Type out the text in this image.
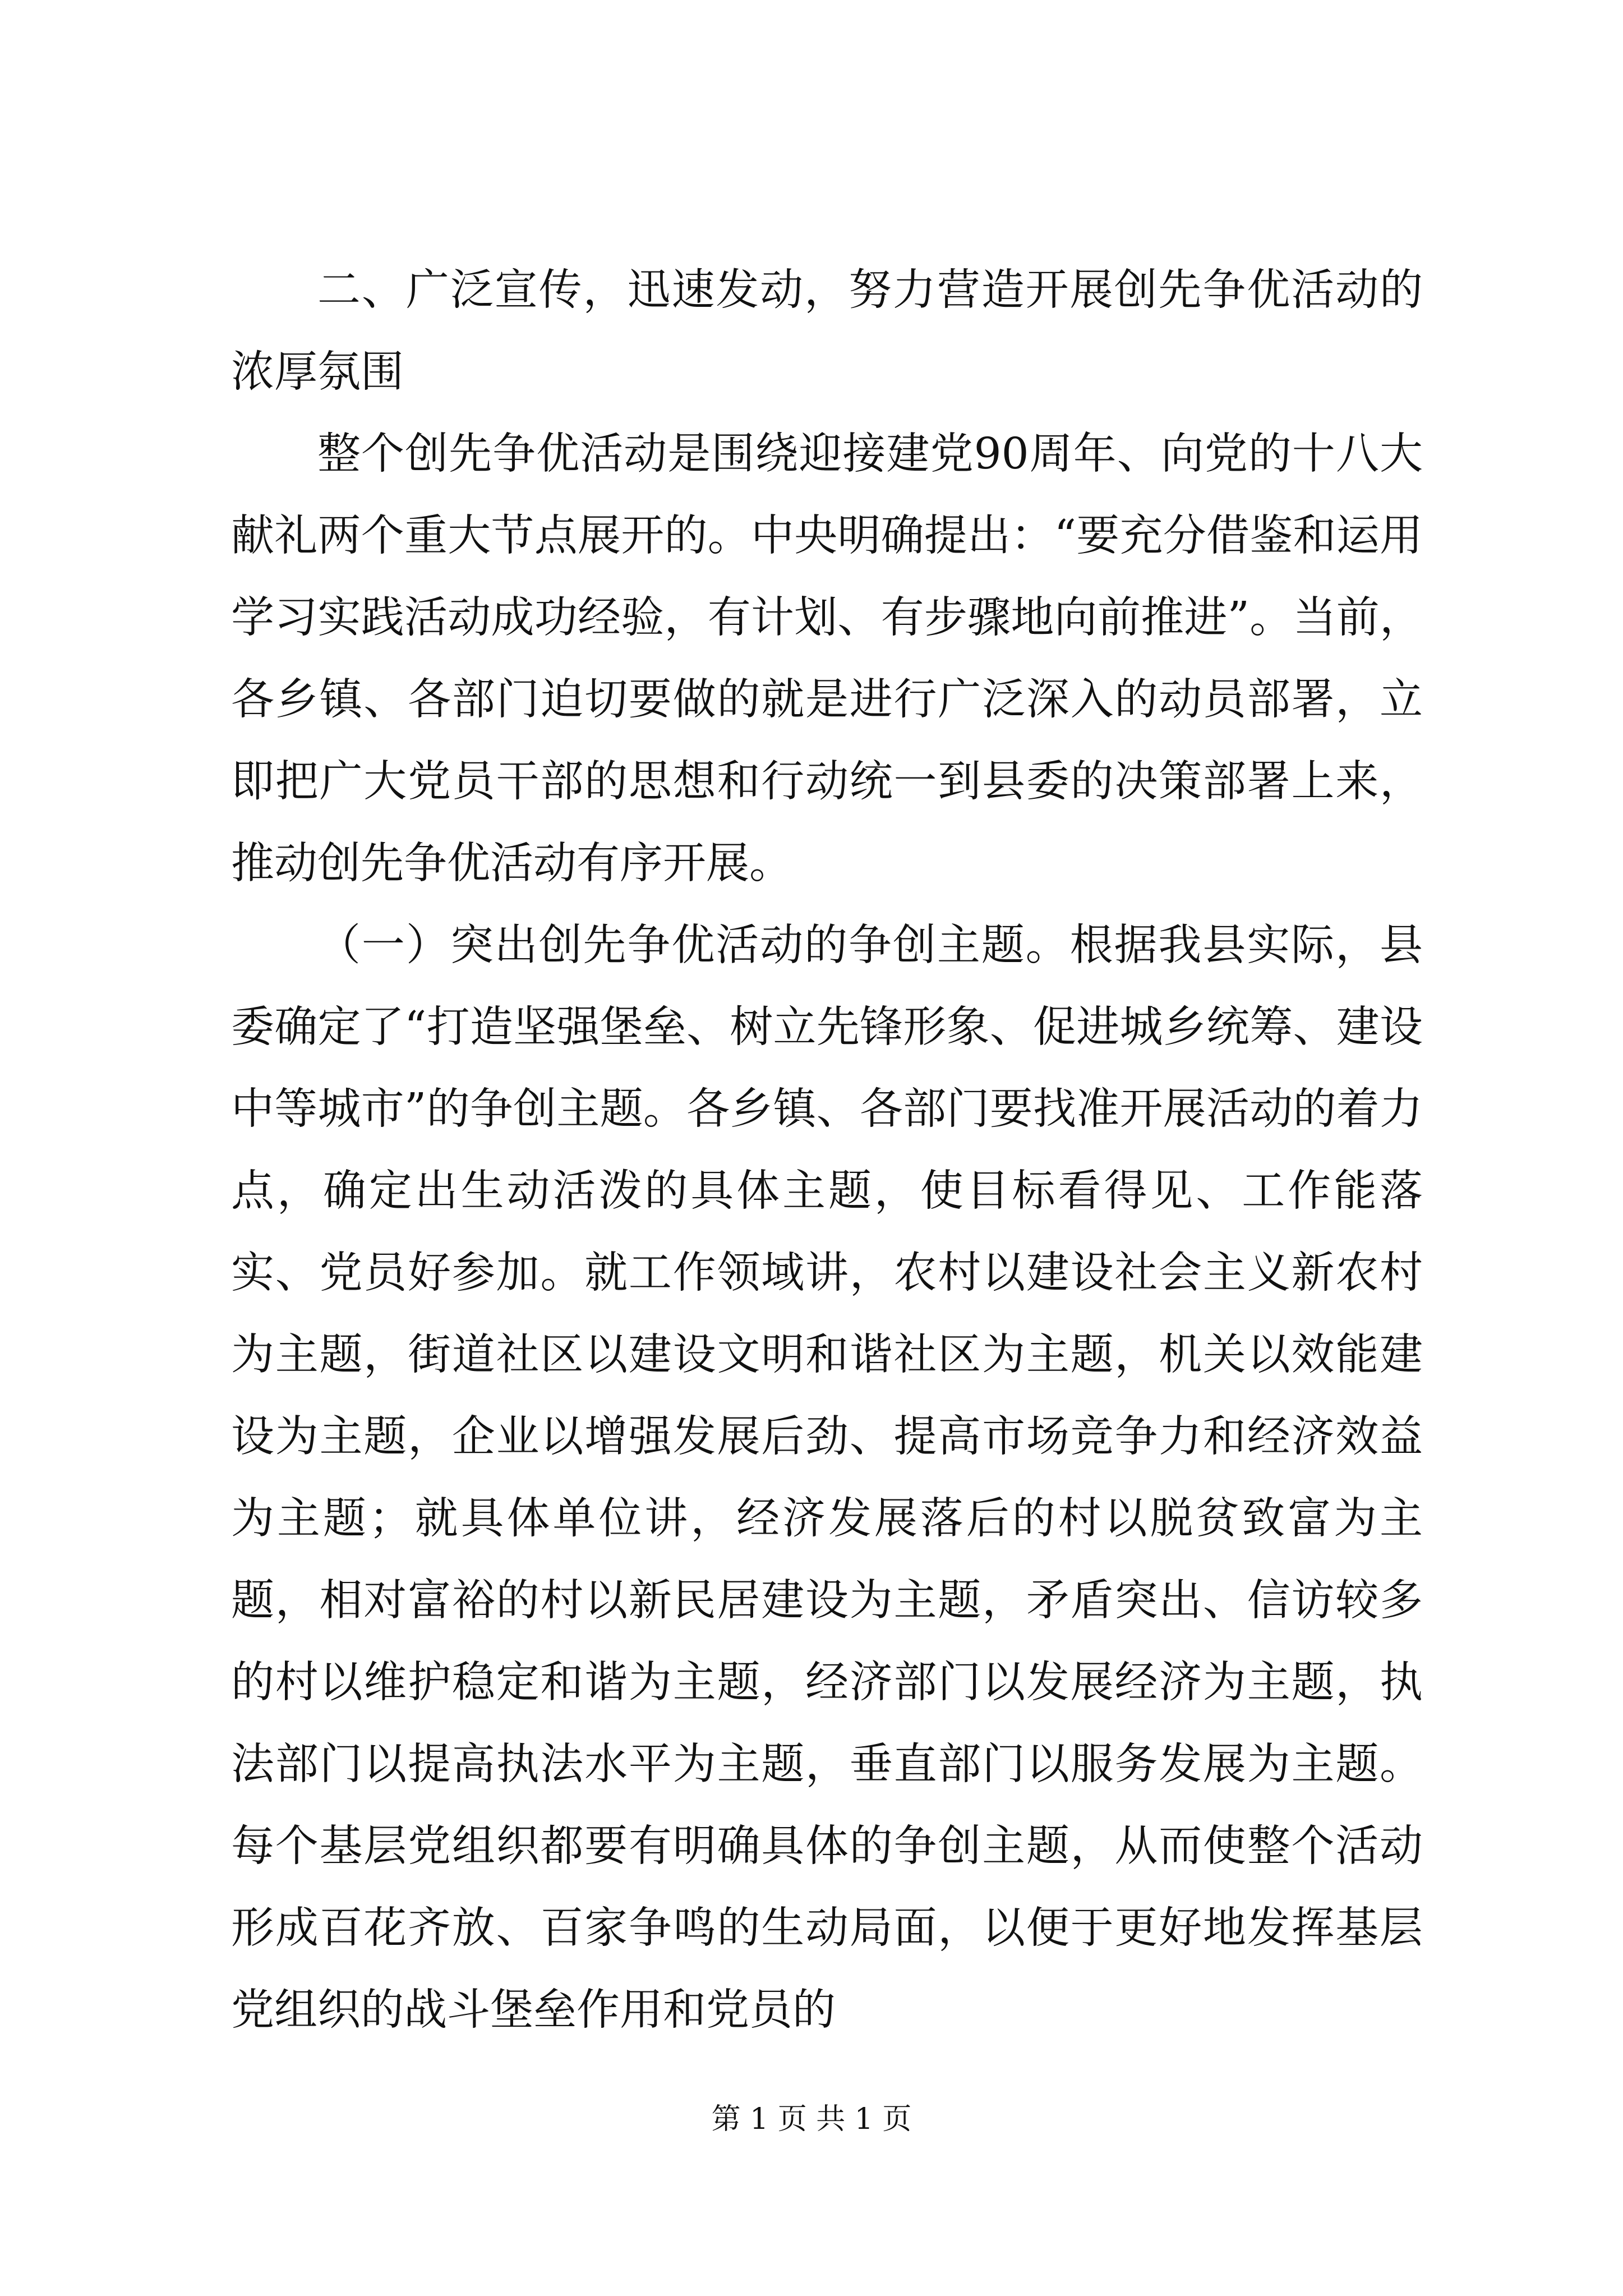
二、广泛宣传，迅速发动，努力营造开展创先争优活动的浓厚氛围

整个创先争优活动是围绕迎接建党90周年、向党的十八大献礼两个重大节点展开的。中央明确提出：“要充分借鉴和运用学习实践活动成功经验，有计划、有步骤地向前推进”。当前，各乡镇、各部门迫切要做的就是进行广泛深入的动员部署，立即把广大党员干部的思想和行动统一到县委的决策部署上来，推动创先争优活动有序开展。

（一）突出创先争优活动的争创主题。根据我县实际，县委确定了“打造坚强堡垒、树立先锋形象、促进城乡统筹、建设中等城市”的争创主题。各乡镇、各部门要找准开展活动的着力点，确定出生动活泼的具体主题，使目标看得见、工作能落实、党员好参加。就工作领域讲，农村以建设社会主义新农村为主题，街道社区以建设文明和谐社区为主题，机关以效能建设为主题，企业以增强发展后劲、提高市场竞争力和经济效益为主题；就具体单位讲，经济发展落后的村以脱贫致富为主题，相对富裕的村以新民居建设为主题，矛盾突出、信访较多的村以维护稳定和谐为主题，经济部门以发展经济为主题，执法部门以提高执法水平为主题，垂直部门以服务发展为主题。每个基层党组织都要有明确具体的争创主题，从而使整个活动形成百花齐放、百家争鸣的生动局面，以便于更好地发挥基层党组织的战斗堡垒作用和党员的

第 1 页 共 1 页
